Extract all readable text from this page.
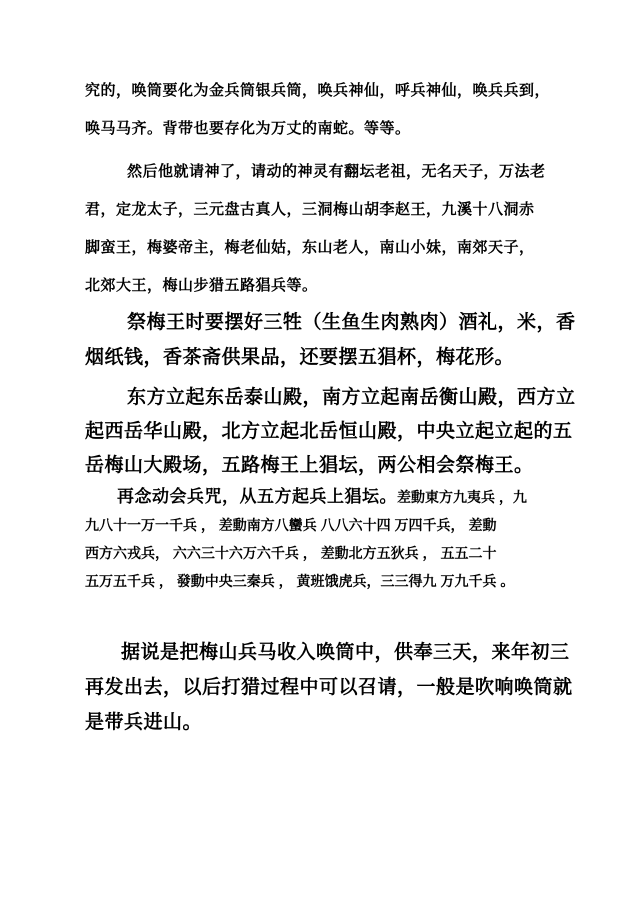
究的，唤筒要化为金兵筒银兵筒，唤兵神仙，呼兵神仙，唤兵兵到，
唤马马齐。背带也要存化为万丈的南蛇。等等。
然后他就请神了，请动的神灵有翻坛老祖，无名天子，万法老
君，定龙太子，三元盘古真人，三洞梅山胡李赵王，九溪十八洞赤
脚蛮王，梅婆帝主，梅老仙姑，东山老人，南山小妹，南郊天子，
北郊大王，梅山步猎五路猖兵等。
祭梅王时要摆好三牲（生鱼生肉熟肉）酒礼，米，香
烟纸钱，香茶斋供果品，还要摆五猖杯，梅花形。
东方立起东岳泰山殿，南方立起南岳衡山殿，西方立
起西岳华山殿，北方立起北岳恒山殿，中央立起立起的五
岳梅山大殿场，五路梅王上猖坛，两公相会祭梅王。
再念动会兵咒，从五方起兵上猖坛。差動東方九夷兵 ，九
九八十一万一千兵 ， 差動南方八蠻兵 八八六十四 万四千兵， 差動
西方六戎兵， 六六三十六万六千兵 ， 差動北方五狄兵 ， 五五二十
五万五千兵 ， 發動中央三秦兵 ， 黄班饿虎兵，三三得九 万九千兵 。
据说是把梅山兵马收入唤筒中，供奉三天，来年初三
再发出去，以后打猎过程中可以召请，一般是吹响唤筒就
是带兵进山。
